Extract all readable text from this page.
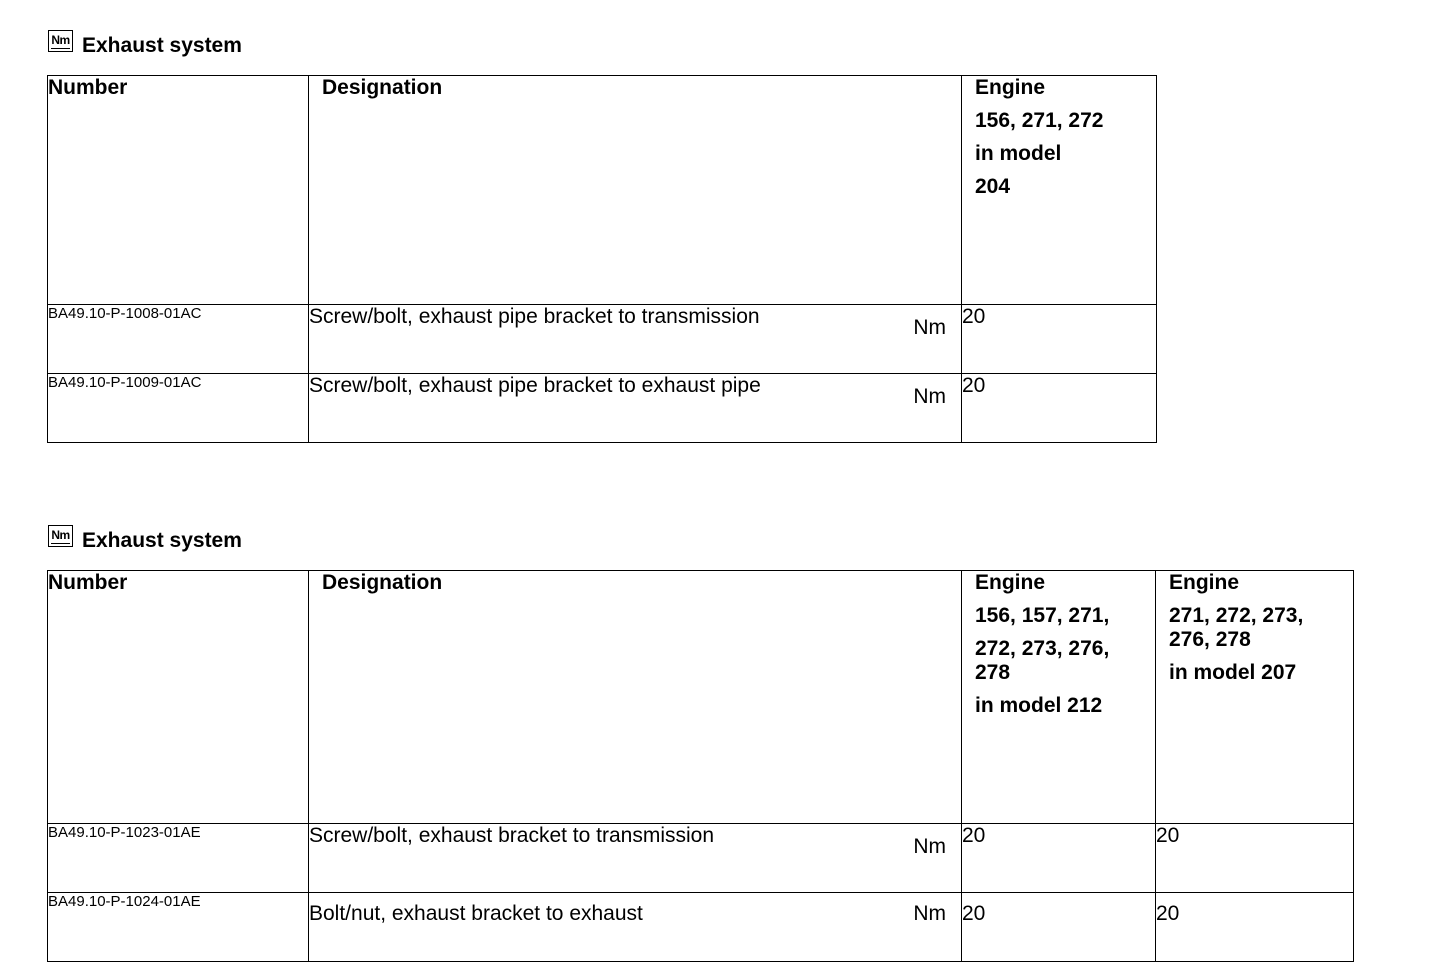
Nm Exhaust system
Number	Designation	Engine
156, 271, 272
in model
204

BA49.10-P-1008-01AC	Screw/bolt, exhaust pipe bracket to transmission Nm	20
BA49.10-P-1009-01AC	Screw/bolt, exhaust pipe bracket to exhaust pipe Nm	20
Nm Exhaust system
Number	Designation	Engine
156, 157, 271,
272, 273, 276,
278
in model 212	Engine
271, 272, 273,
276, 278
in model 207

BA49.10-P-1023-01AE	Screw/bolt, exhaust bracket to transmission Nm	20	20
BA49.10-P-1024-01AE	Bolt/nut, exhaust bracket to exhaust Nm	20	20
